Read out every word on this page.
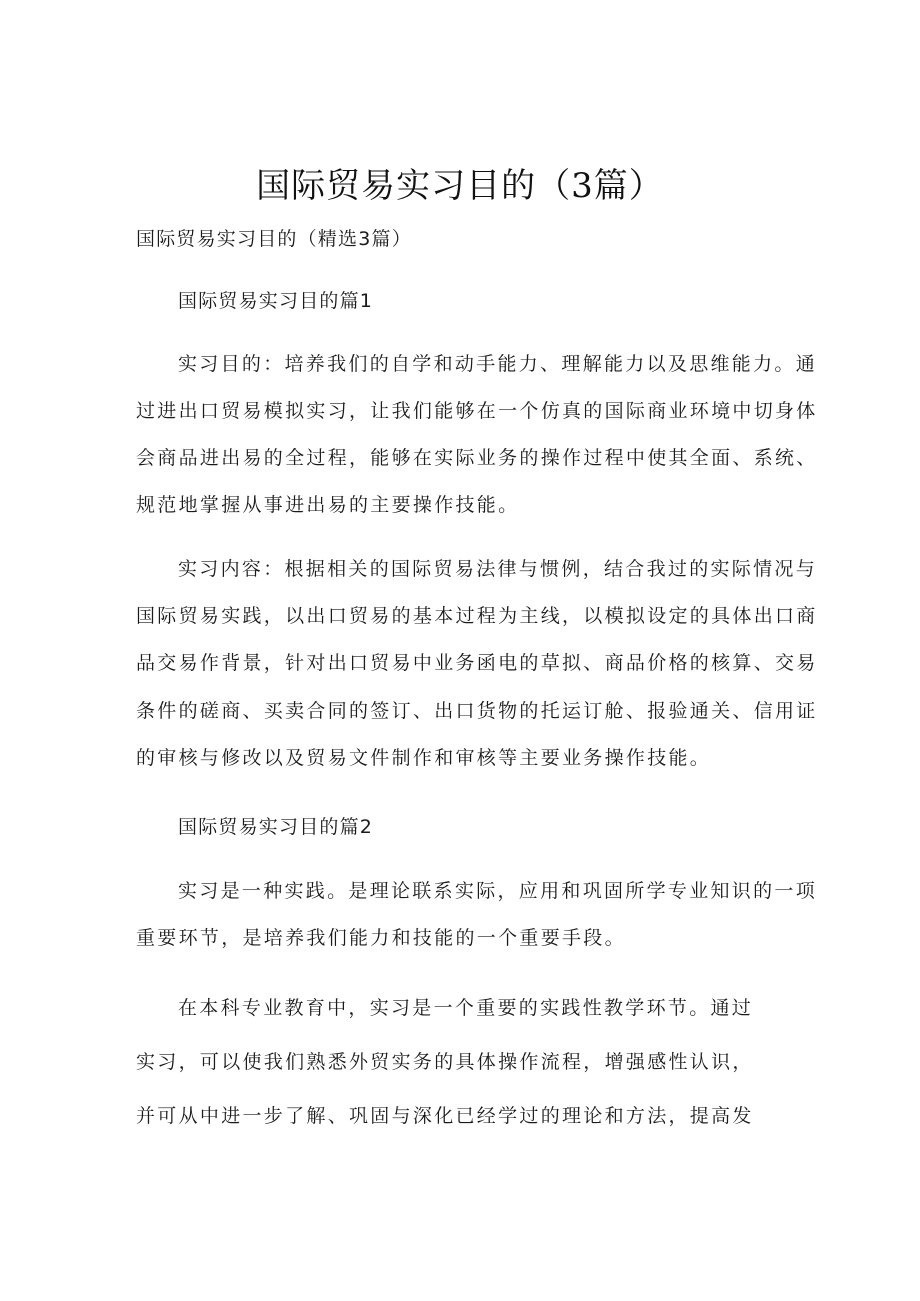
国际贸易实习目的（3篇）
国际贸易实习目的（精选3篇）
国际贸易实习目的篇1
实习目的：培养我们的自学和动手能力、理解能力以及思维能力。通
过进出口贸易模拟实习，让我们能够在一个仿真的国际商业环境中切身体
会商品进出易的全过程，能够在实际业务的操作过程中使其全面、系统、
规范地掌握从事进出易的主要操作技能。
实习内容：根据相关的国际贸易法律与惯例，结合我过的实际情况与
国际贸易实践，以出口贸易的基本过程为主线，以模拟设定的具体出口商
品交易作背景，针对出口贸易中业务函电的草拟、商品价格的核算、交易
条件的磋商、买卖合同的签订、出口货物的托运订舱、报验通关、信用证
的审核与修改以及贸易文件制作和审核等主要业务操作技能。
国际贸易实习目的篇2
实习是一种实践。是理论联系实际，应用和巩固所学专业知识的一项
重要环节，是培养我们能力和技能的一个重要手段。
在本科专业教育中，实习是一个重要的实践性教学环节。通过
实习，可以使我们熟悉外贸实务的具体操作流程，增强感性认识，
并可从中进一步了解、巩固与深化已经学过的理论和方法，提高发
